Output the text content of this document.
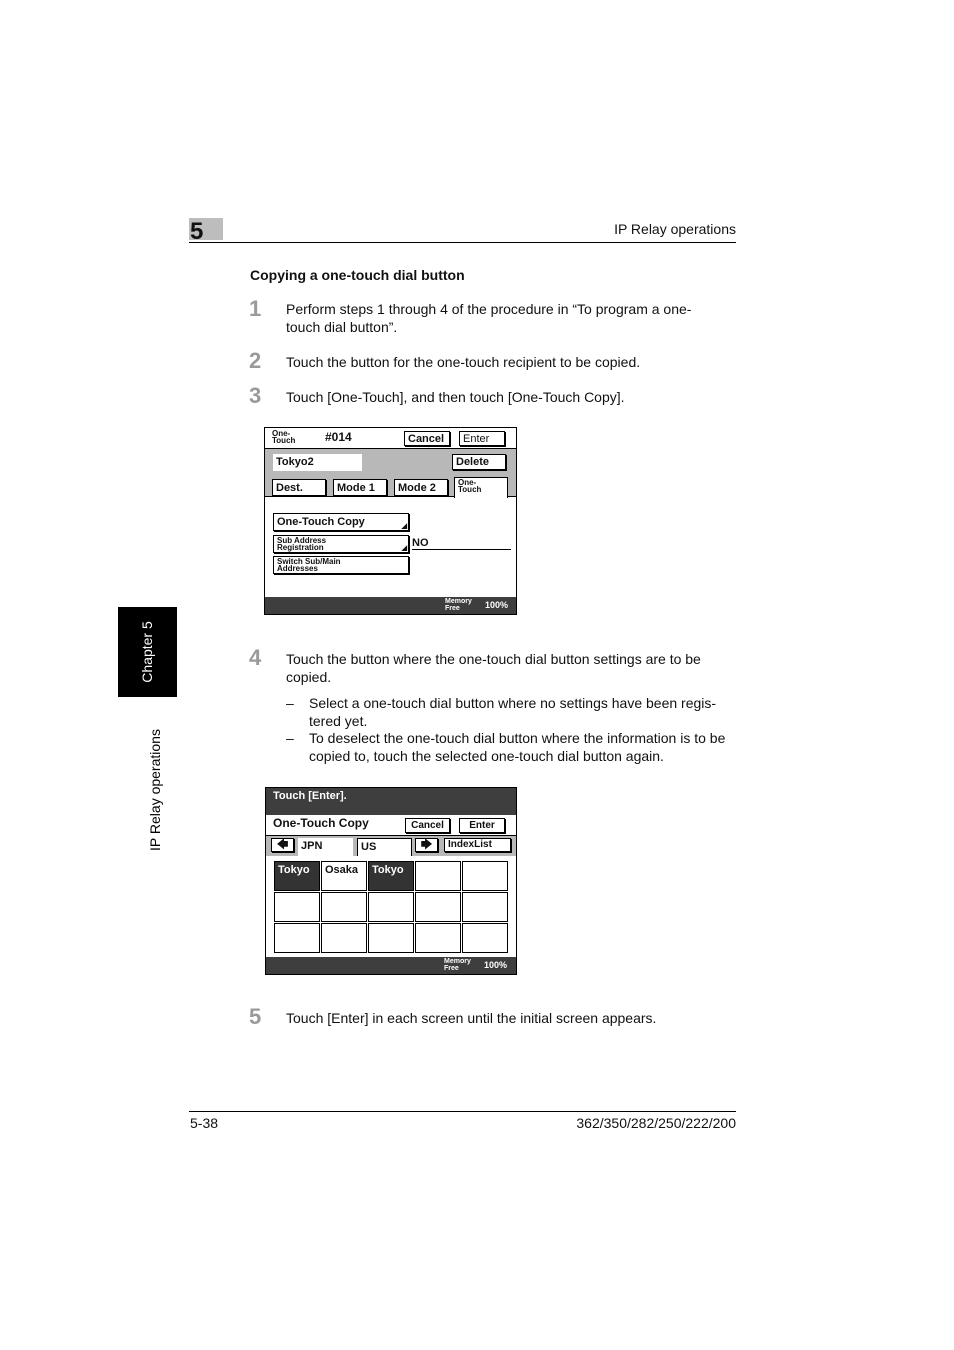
5	IP Relay operations
Chapter 5
IP Relay operations
Copying a one-touch dial button
1 Perform steps 1 through 4 of the procedure in “To program a one-touch dial button”.
2 Touch the button for the one-touch recipient to be copied.
3 Touch [One-Touch], and then touch [One-Touch Copy].
One-
Touch #014	Cancel	Enter
Tokyo2	Delete
Dest.	Mode 1	Mode 2	One-
Touch
One-Touch Copy	◢
Sub Address
Registration	◢ NO
Switch Sub/Main
Addresses
Memory
Free	100%
4 Touch the button where the one-touch dial button settings are to be copied.
–	Select a one-touch dial button where no settings have been regis-tered yet.
–	To deselect the one-touch dial button where the information is to be copied to, touch the selected one-touch dial button again.
Touch [Enter].
One-Touch Copy	Cancel	Enter
🡄	JPN	US	🡆	IndexList
Tokyo	Osaka	Tokyo
Memory
Free	100%
5 Touch [Enter] in each screen until the initial screen appears.
5-38	362/350/282/250/222/200
